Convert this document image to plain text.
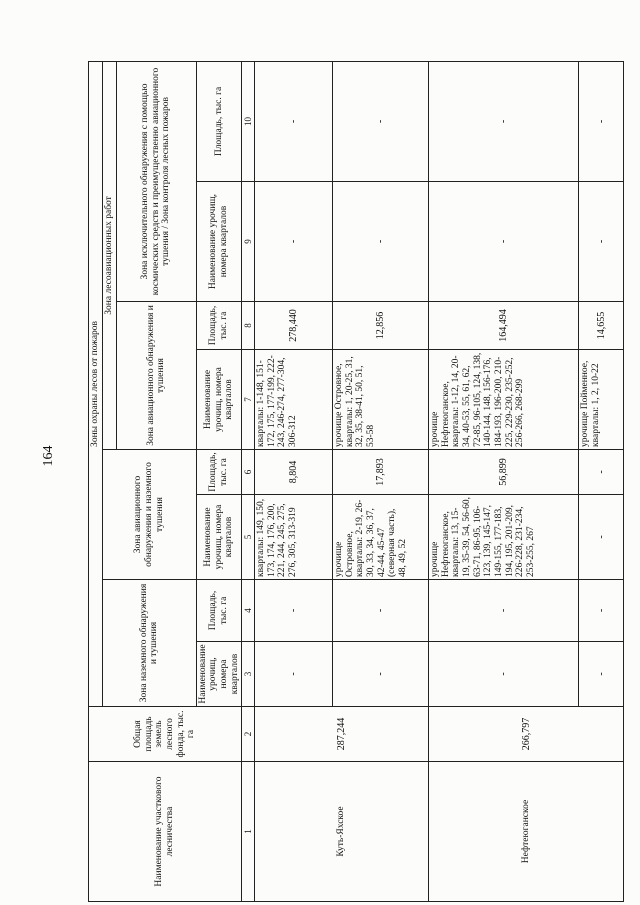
164
Наименование участкового лесничества	Общая площадь земель лесного фонда, тыс. га	Зоны охраны лесов от пожаров							
		Зона наземного обнаружения и тушения		Зона авиационного обнаружения и наземного тушения		Зона лесоавиационных работ			
						Зона авиационного обнаружения и тушения		Зона исключительного обнаружения с помощью космических средств и преимущественно авиационного тушения / Зона контроля лесных пожаров	
		Наименование урочищ, номера кварталов	Площадь, тыс. га	Наименование урочищ, номера кварталов	Площадь, тыс. га	Наименование урочищ, номера кварталов	Площадь, тыс. га	Наименование урочищ, номера кварталов	Площадь, тыс. га
1	2	3	4	5	6	7	8	9	10
Куть-Яхское	287,244	-	-	кварталы: 149, 150, 173, 174, 176, 200, 221, 244, 245, 275, 276, 305, 313-319	8,804	кварталы: 1-148, 151-172, 175, 177-199, 222-243, 246-274, 277-304, 306-312	278,440	-	-
		-	-	урочище Островное, кварталы: 2-19, 26-30, 33, 34, 36, 37, 42-44, 45-47 (северная часть), 48, 49, 52	17,893	урочище Островное, кварталы: 1, 20-25, 31, 32, 35, 38-41, 50, 51, 53-58	12,856	-	-
Нефтеюганское	266,797	-	-	урочище Нефтеюганское, кварталы: 13, 15-19, 35-39, 54, 56-60, 63-71, 86-95, 106-123, 139, 145-147, 149-155, 177-183, 194, 195, 201-209, 226-228, 231-234, 253-255, 267	56,899	урочище Нефтеюганское, кварталы: 1-12, 14, 20-34, 40-53, 55, 61, 62, 72-85, 96-105, 124, 138, 140-144, 148, 156-176, 184-193, 196-200, 210-225, 229-230, 235-252, 256-266, 268-299	164,494	-	-
		-	-	-	-	урочище Пойменное, кварталы: 1, 2, 10-22	14,655	-	-
